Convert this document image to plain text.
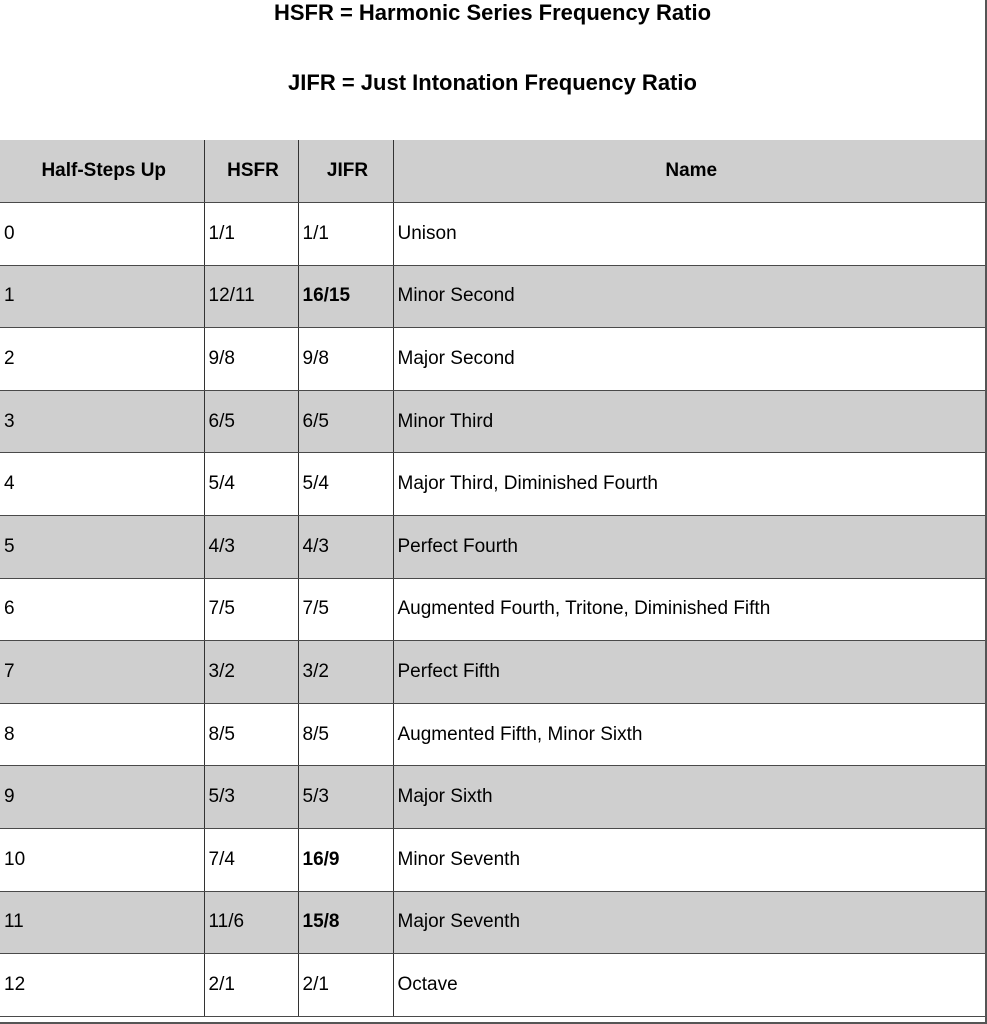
HSFR = Harmonic Series Frequency Ratio
JIFR = Just Intonation Frequency Ratio
Half-Steps Up	HSFR	JIFR	Name
0	1/1	1/1	Unison
1	12/11	16/15	Minor Second
2	9/8	9/8	Major Second
3	6/5	6/5	Minor Third
4	5/4	5/4	Major Third, Diminished Fourth
5	4/3	4/3	Perfect Fourth
6	7/5	7/5	Augmented Fourth, Tritone, Diminished Fifth
7	3/2	3/2	Perfect Fifth
8	8/5	8/5	Augmented Fifth, Minor Sixth
9	5/3	5/3	Major Sixth
10	7/4	16/9	Minor Seventh
11	11/6	15/8	Major Seventh
12	2/1	2/1	Octave
